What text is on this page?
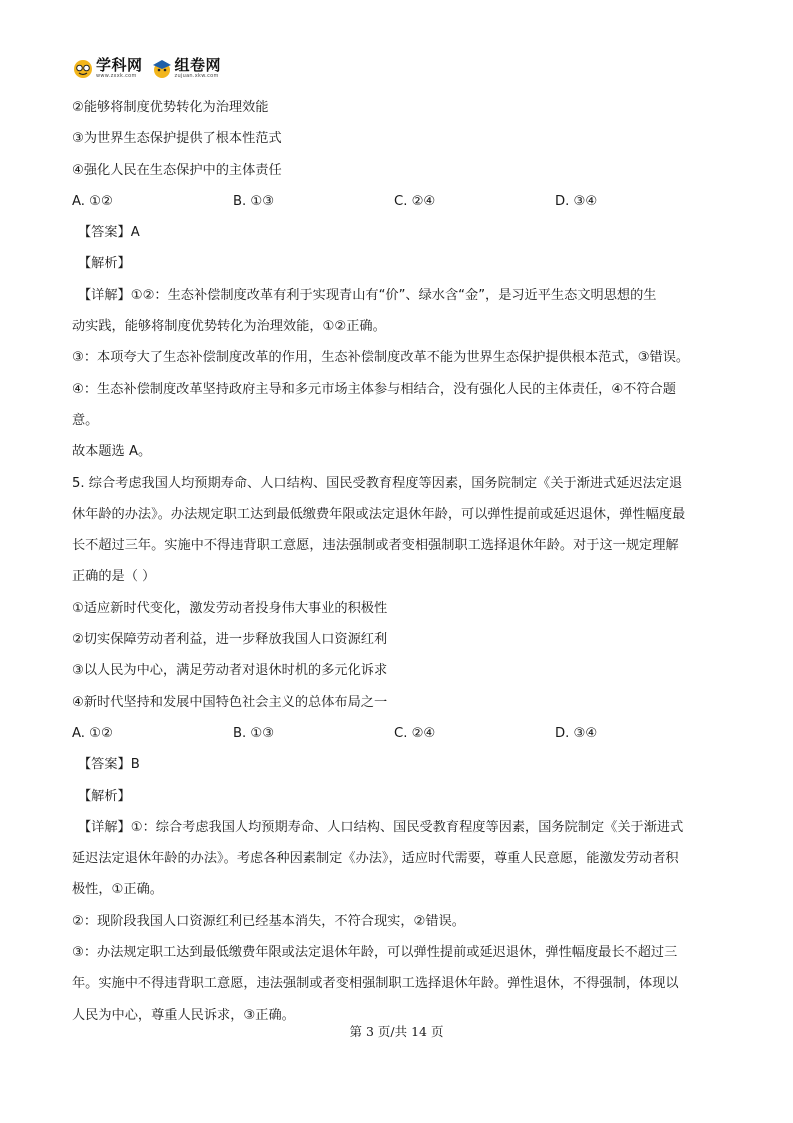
学科网
www.zxxk.com
组卷网
zujuan.xkw.com
②能够将制度优势转化为治理效能
③为世界生态保护提供了根本性范式
④强化人民在生态保护中的主体责任
A. ①②	B. ①③	C. ②④	D. ③④
【答案】A
【解析】
【详解】①②：生态补偿制度改革有利于实现青山有“价”、绿水含“金”，是习近平生态文明思想的生
动实践，能够将制度优势转化为治理效能，①②正确。
③：本项夸大了生态补偿制度改革的作用，生态补偿制度改革不能为世界生态保护提供根本范式，③错误。
④：生态补偿制度改革坚持政府主导和多元市场主体参与相结合，没有强化人民的主体责任，④不符合题
意。
故本题选 A。
5. 综合考虑我国人均预期寿命、人口结构、国民受教育程度等因素，国务院制定《关于渐进式延迟法定退
休年龄的办法》。办法规定职工达到最低缴费年限或法定退休年龄，可以弹性提前或延迟退休，弹性幅度最
长不超过三年。实施中不得违背职工意愿，违法强制或者变相强制职工选择退休年龄。对于这一规定理解
正确的是（ ）
①适应新时代变化，激发劳动者投身伟大事业的积极性
②切实保障劳动者利益，进一步释放我国人口资源红利
③以人民为中心，满足劳动者对退休时机的多元化诉求
④新时代坚持和发展中国特色社会主义的总体布局之一
A. ①②	B. ①③	C. ②④	D. ③④
【答案】B
【解析】
【详解】①：综合考虑我国人均预期寿命、人口结构、国民受教育程度等因素，国务院制定《关于渐进式
延迟法定退休年龄的办法》。考虑各种因素制定《办法》，适应时代需要，尊重人民意愿，能激发劳动者积
极性，①正确。
②：现阶段我国人口资源红利已经基本消失，不符合现实，②错误。
③：办法规定职工达到最低缴费年限或法定退休年龄，可以弹性提前或延迟退休，弹性幅度最长不超过三
年。实施中不得违背职工意愿，违法强制或者变相强制职工选择退休年龄。弹性退休，不得强制，体现以
人民为中心，尊重人民诉求，③正确。
第 3 页/共 14 页
